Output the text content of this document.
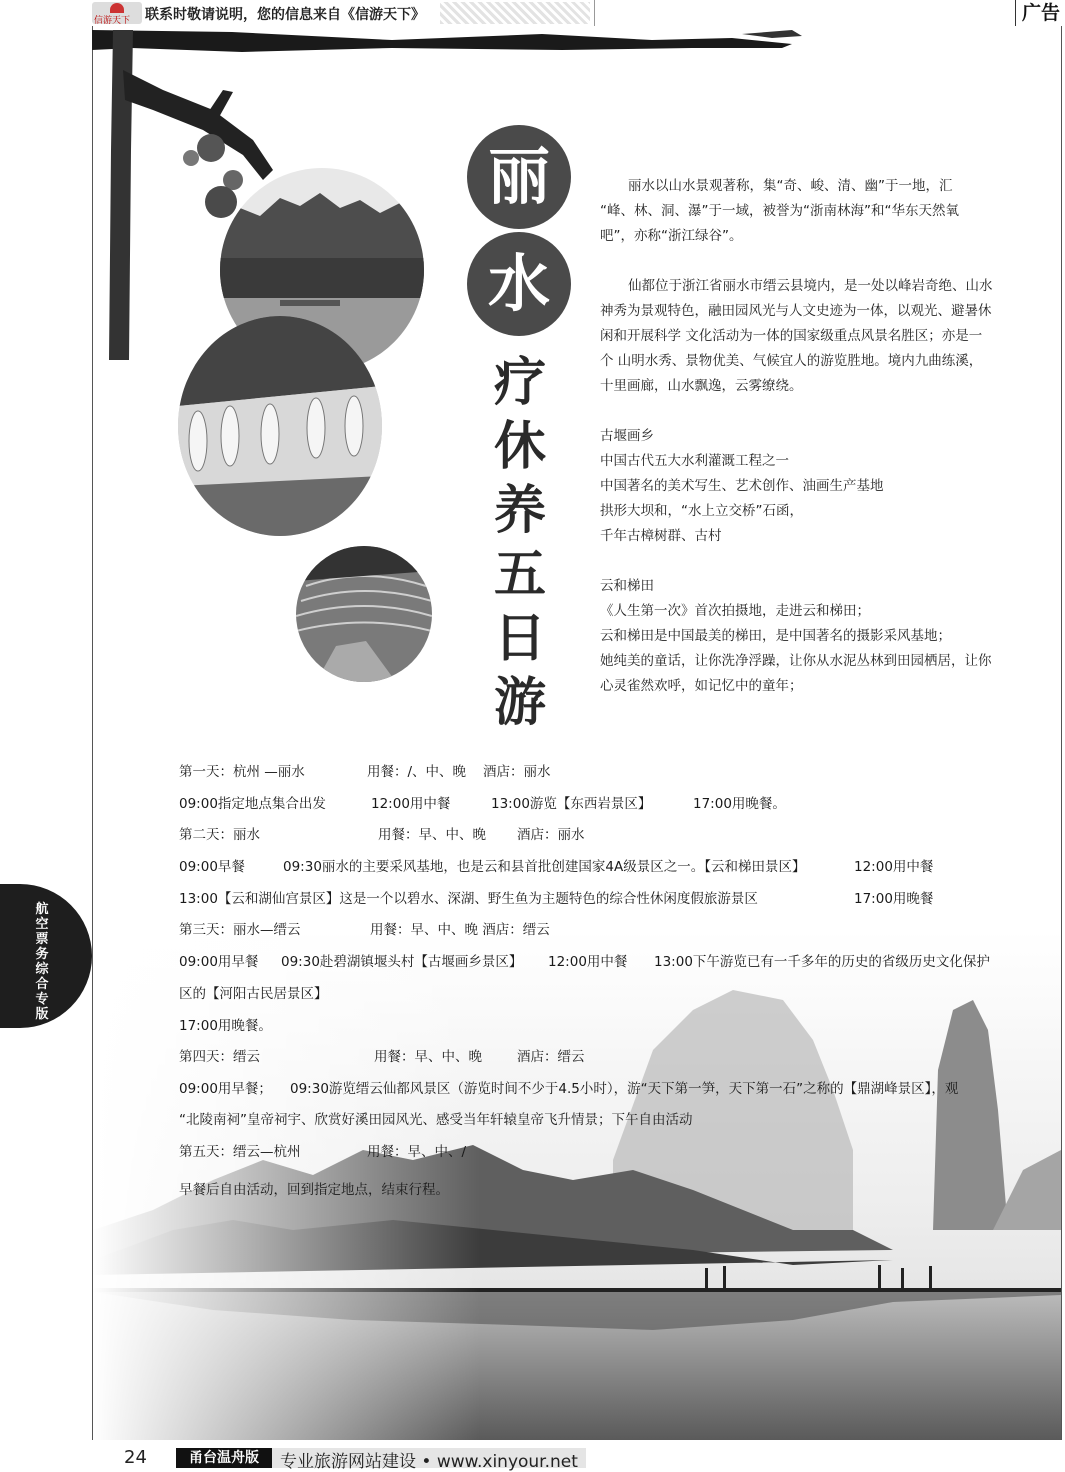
信游天下 联系时敬请说明，您的信息来自《信游天下》	广告
丽
水
疗
休
养
五
日
游
丽水以山水景观著称，集“奇、峻、清、幽”于一地，汇
“峰、林、洞、瀑”于一域，被誉为“浙南林海”和“华东天然氧
吧”，亦称“浙江绿谷”。
仙都位于浙江省丽水市缙云县境内，是一处以峰岩奇绝、山水
神秀为景观特色，融田园风光与人文史迹为一体，以观光、避暑休
闲和开展科学 文化活动为一体的国家级重点风景名胜区；亦是一
个 山明水秀、景物优美、气候宜人的游览胜地。境内九曲练溪，
十里画廊，山水飘逸，云雾缭绕。
古堰画乡
中国古代五大水利灌溉工程之一
中国著名的美术写生、艺术创作、油画生产基地
拱形大坝和，“水上立交桥”石函，
千年古樟树群、古村
云和梯田
《人生第一次》首次拍摄地，走进云和梯田；
云和梯田是中国最美的梯田，是中国著名的摄影采风基地；
她纯美的童话，让你洗净浮躁，让你从水泥丛林到田园栖居，让你
心灵雀然欢呼，如记忆中的童年；
第一天：杭州 —丽水	用餐：/、中、晚 酒店：丽水
09:00指定地点集合出发	12:00用中餐	13:00游览【东西岩景区】	17:00用晚餐。
第二天：丽水	用餐：早、中、晚 酒店：丽水
09:00早餐	09:30丽水的主要采风基地，也是云和县首批创建国家4A级景区之一。【云和梯田景区】	12:00用中餐
13:00【云和湖仙宫景区】这是一个以碧水、深湖、野生鱼为主题特色的综合性休闲度假旅游景区	17:00用晚餐
第三天：丽水—缙云	用餐：早、中、晚 酒店：缙云
09:00用早餐 09:30赴碧湖镇堰头村【古堰画乡景区】 12:00用中餐 13:00下午游览已有一千多年的历史的省级历史文化保护
区的【河阳古民居景区】
17:00用晚餐。
第四天：缙云	用餐：早、中、晚	酒店：缙云
09:00用早餐； 09:30游览缙云仙都风景区（游览时间不少于4.5小时），游“天下第一笋，天下第一石”之称的【鼎湖峰景区】，观
“北陵南祠”皇帝祠宇、欣赏好溪田园风光、感受当年轩辕皇帝飞升情景；下午自由活动
第五天：缙云—杭州	用餐：早、中、/
早餐后自由活动，回到指定地点，结束行程。
航空票务综合专版
24	甬台温舟版	专业旅游网站建设 • www.xinyour.net
